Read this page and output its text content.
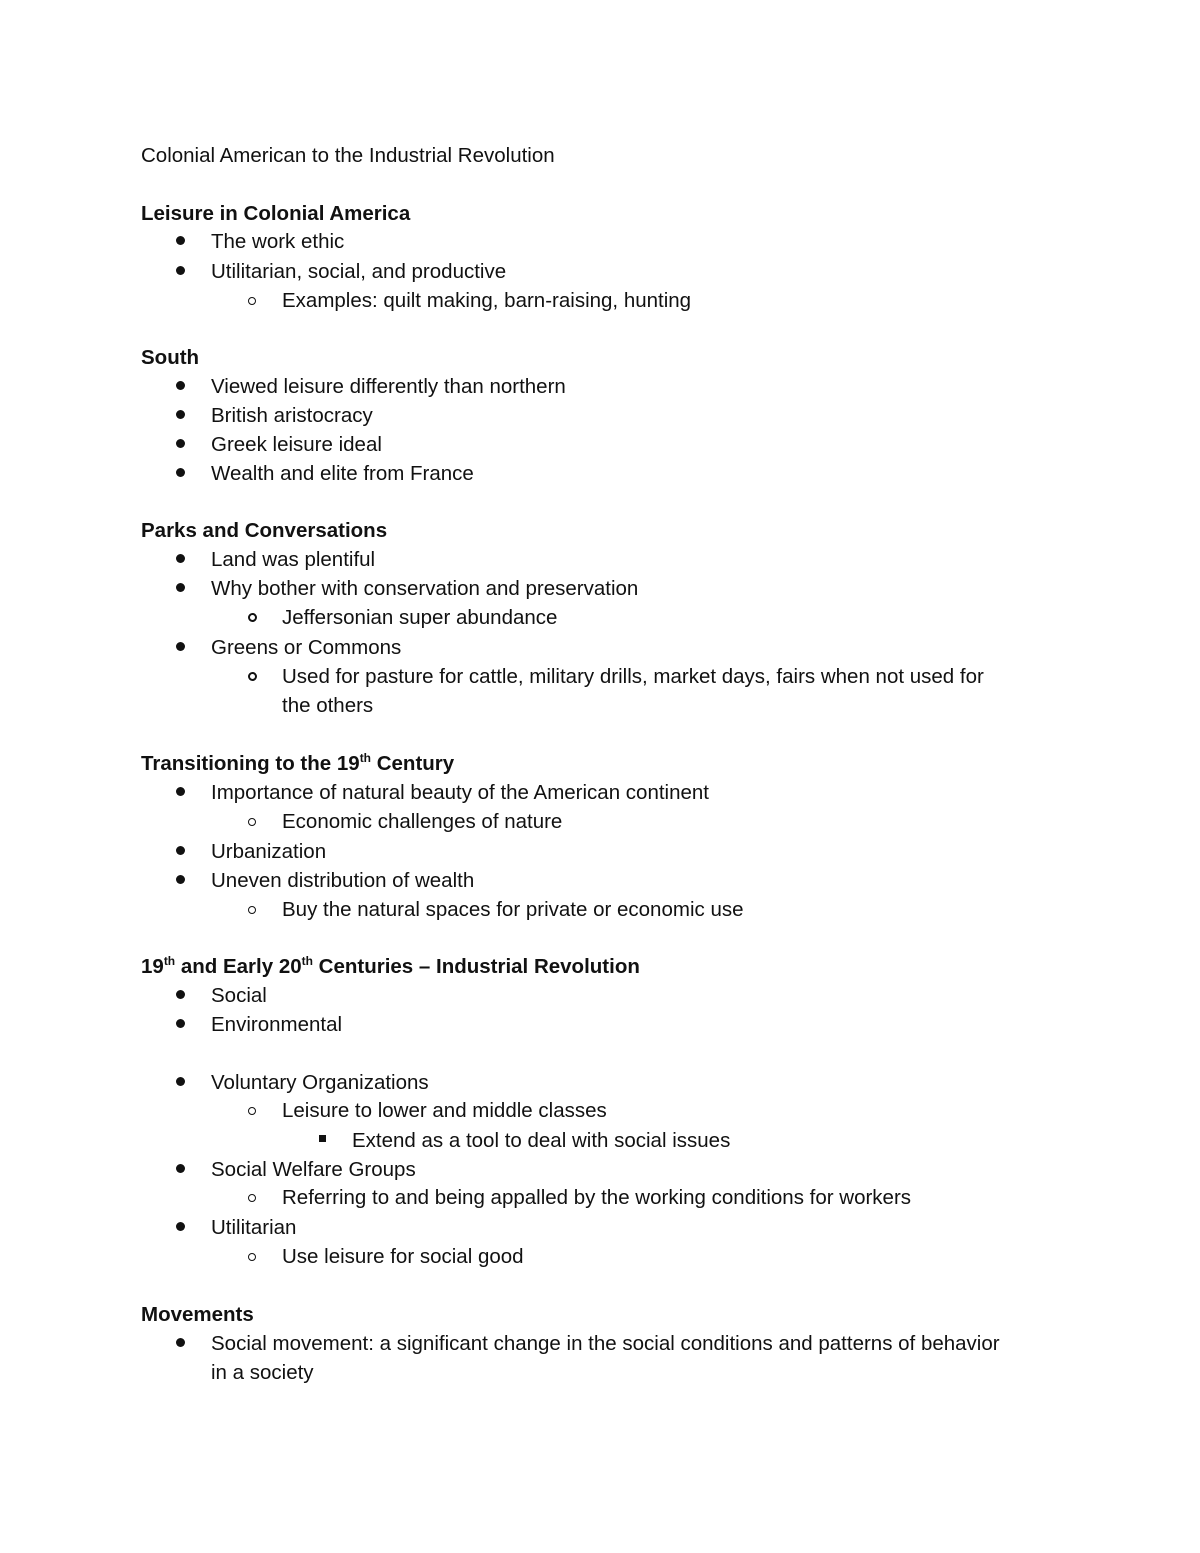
Colonial American to the Industrial Revolution
Leisure in Colonial America
The work ethic
Utilitarian, social, and productive
Examples: quilt making, barn-raising, hunting
South
Viewed leisure differently than northern
British aristocracy
Greek leisure ideal
Wealth and elite from France
Parks and Conversations
Land was plentiful
Why bother with conservation and preservation
Jeffersonian super abundance
Greens or Commons
Used for pasture for cattle, military drills, market days, fairs when not used for
the others
Transitioning to the 19th Century
Importance of natural beauty of the American continent
Economic challenges of nature
Urbanization
Uneven distribution of wealth
Buy the natural spaces for private or economic use
19th and Early 20th Centuries – Industrial Revolution
Social
Environmental
Voluntary Organizations
Leisure to lower and middle classes
Extend as a tool to deal with social issues
Social Welfare Groups
Referring to and being appalled by the working conditions for workers
Utilitarian
Use leisure for social good
Movements
Social movement: a significant change in the social conditions and patterns of behavior
in a society
